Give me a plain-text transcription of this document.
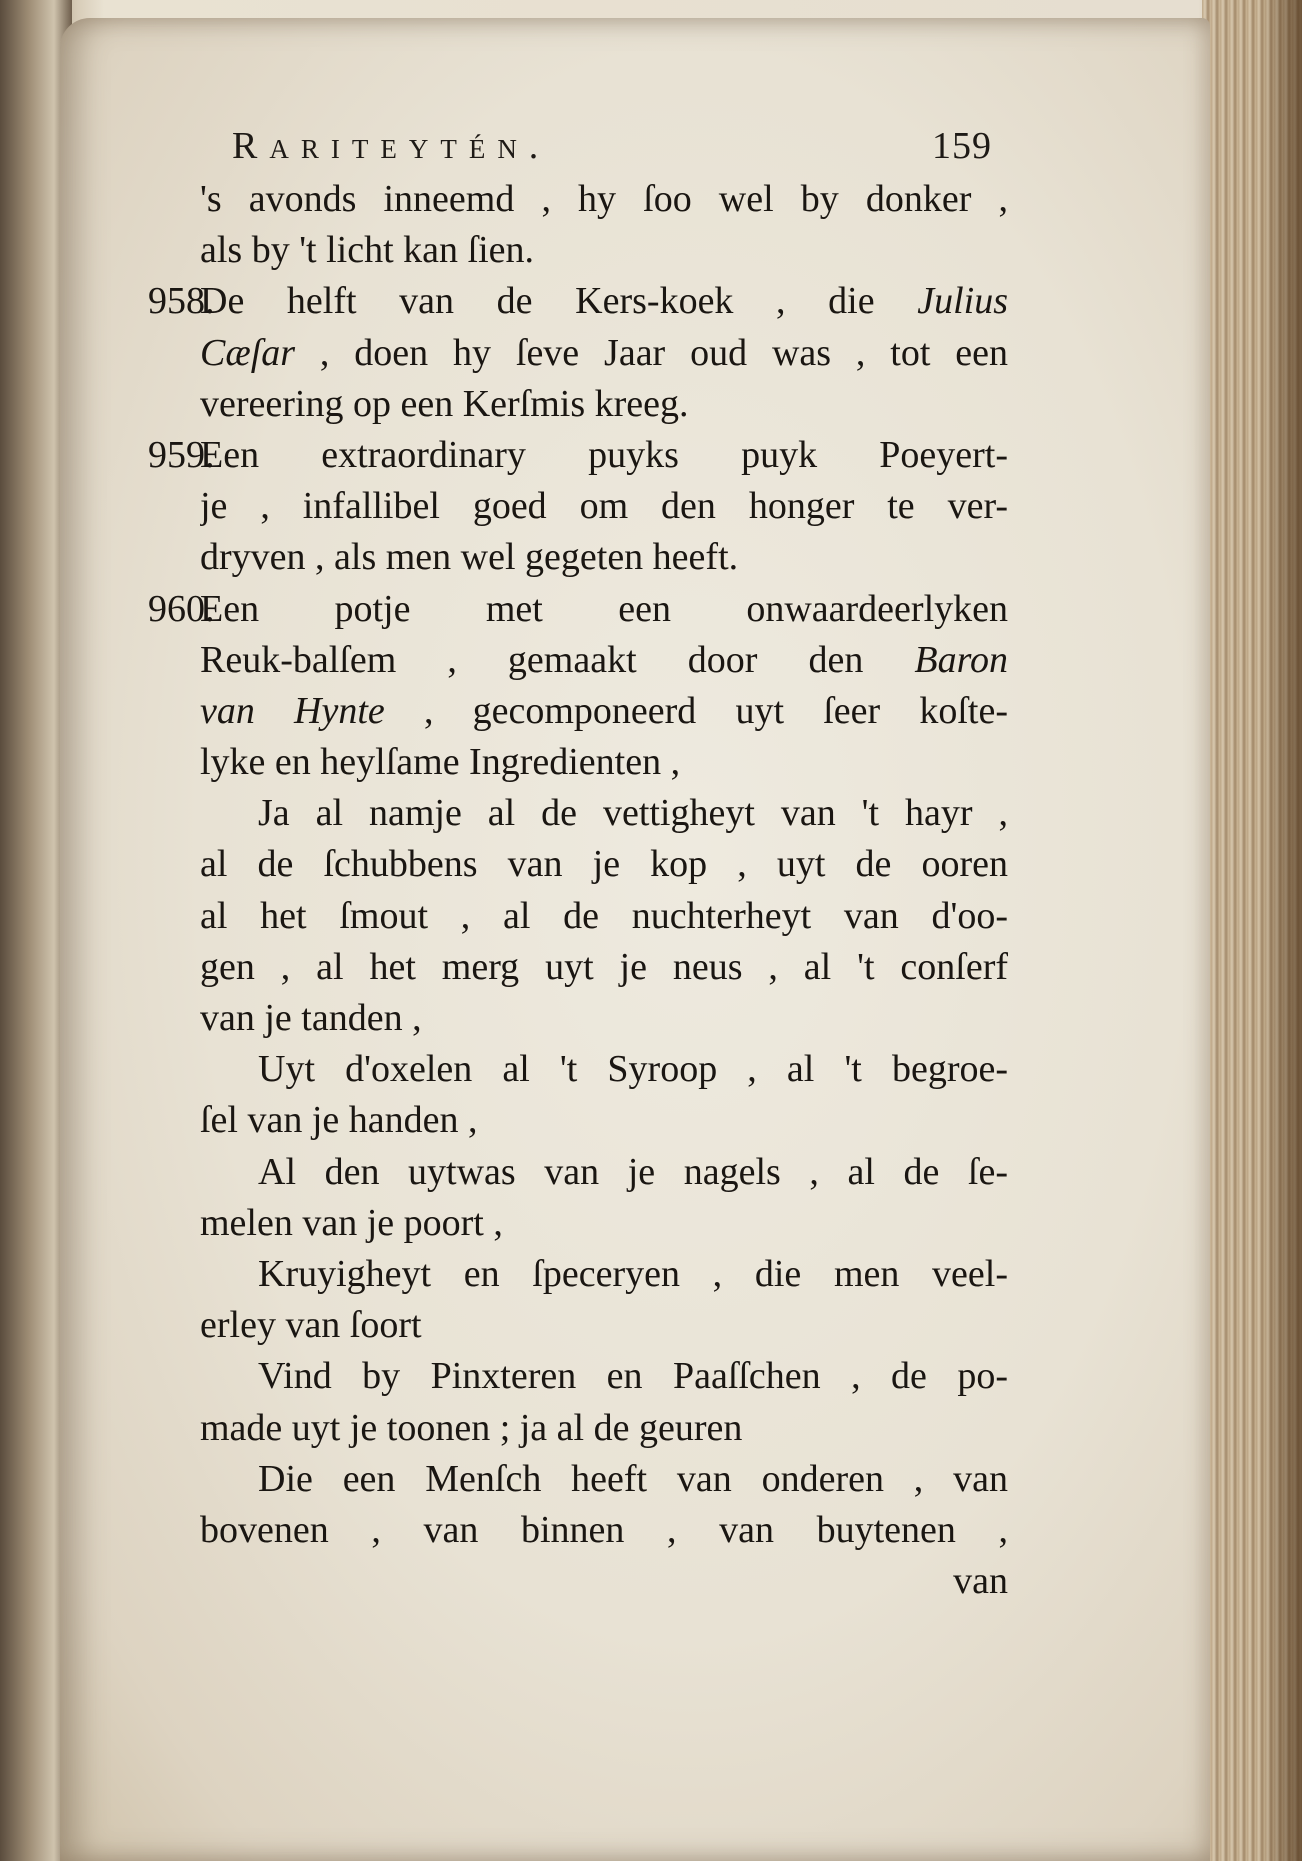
Rariteytén.	159
's avonds inneemd , hy ſoo wel by donker ,
als by 't licht kan ſien.
958.
De helft van de Kers-koek , die Julius
Cæſar , doen hy ſeve Jaar oud was , tot een
vereering op een Kerſmis kreeg.
959.
Een extraordinary puyks puyk Poeyert-
je , infallibel goed om den honger te ver-
dryven , als men wel gegeten heeft.
960.
Een potje met een onwaardeerlyken
Reuk-balſem , gemaakt door den Baron
van Hynte , gecomponeerd uyt ſeer koſte-
lyke en heylſame Ingredienten ,
Ja al namje al de vettigheyt van 't hayr ,
al de ſchubbens van je kop , uyt de ooren
al het ſmout , al de nuchterheyt van d'oo-
gen , al het merg uyt je neus , al 't conſerf
van je tanden ,
Uyt d'oxelen al 't Syroop , al 't begroe-
ſel van je handen ,
Al den uytwas van je nagels , al de ſe-
melen van je poort ,
Kruyigheyt en ſpeceryen , die men veel-
erley van ſoort
Vind by Pinxteren en Paaſſchen , de po-
made uyt je toonen ; ja al de geuren
Die een Menſch heeft van onderen , van
bovenen , van binnen , van buytenen ,
van
